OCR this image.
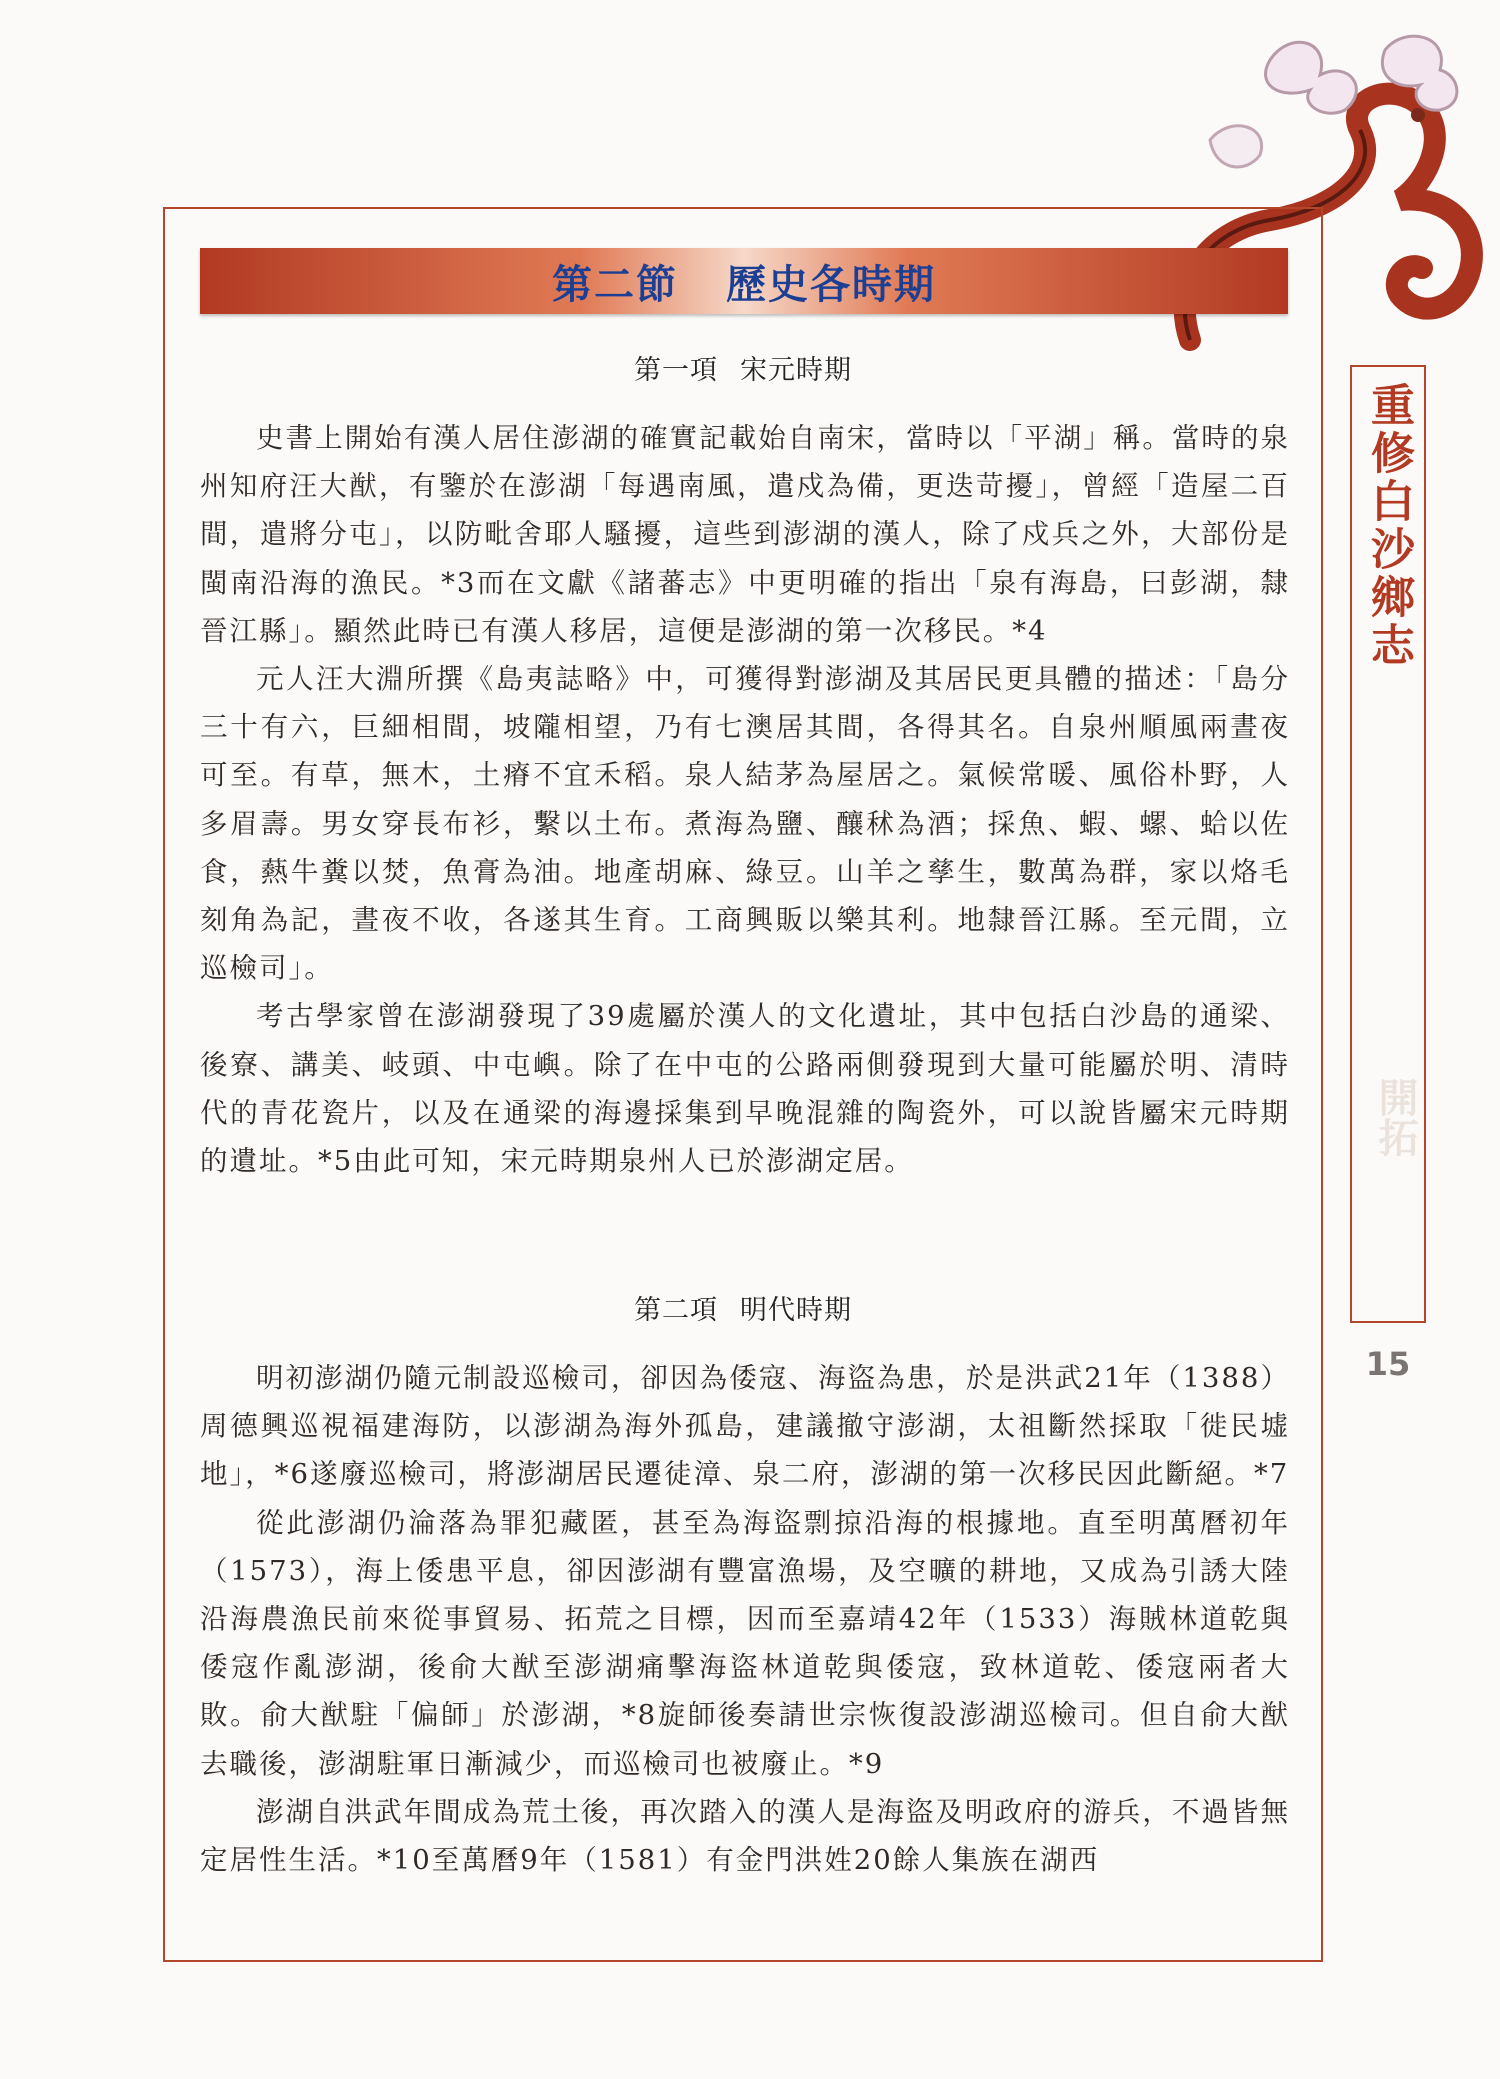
第二節 歷史各時期
第一項 宋元時期

史書上開始有漢人居住澎湖的確實記載始自南宋，當時以「平湖」稱。當時的泉州知府汪大猷，有鑒於在澎湖「每遇南風，遣戍為備，更迭苛擾」，曾經「造屋二百間，遣將分屯」，以防毗舍耶人騷擾，這些到澎湖的漢人，除了戍兵之外，大部份是閩南沿海的漁民。*3而在文獻《諸蕃志》中更明確的指出「泉有海島，曰彭湖，隸晉江縣」。顯然此時已有漢人移居，這便是澎湖的第一次移民。*4

元人汪大淵所撰《島夷誌略》中，可獲得對澎湖及其居民更具體的描述：「島分三十有六，巨細相間，坡隴相望，乃有七澳居其間，各得其名。自泉州順風兩晝夜可至。有草，無木，土瘠不宜禾稻。泉人結茅為屋居之。氣候常暖、風俗朴野，人多眉壽。男女穿長布衫，繫以土布。煮海為鹽、釀秫為酒；採魚、蝦、螺、蛤以佐食，爇牛糞以焚，魚膏為油。地產胡麻、綠豆。山羊之孳生，數萬為群，家以烙毛刻角為記，晝夜不收，各遂其生育。工商興販以樂其利。地隸晉江縣。至元間，立巡檢司」。

考古學家曾在澎湖發現了39處屬於漢人的文化遺址，其中包括白沙島的通梁、後寮、講美、岐頭、中屯嶼。除了在中屯的公路兩側發現到大量可能屬於明、清時代的青花瓷片，以及在通梁的海邊採集到早晚混雜的陶瓷外，可以說皆屬宋元時期的遺址。*5由此可知，宋元時期泉州人已於澎湖定居。

第二項 明代時期

明初澎湖仍隨元制設巡檢司，卻因為倭寇、海盜為患，於是洪武21年（1388）周德興巡視福建海防，以澎湖為海外孤島，建議撤守澎湖，太祖斷然採取「徙民墟地」，*6遂廢巡檢司，將澎湖居民遷徒漳、泉二府，澎湖的第一次移民因此斷絕。*7

從此澎湖仍淪落為罪犯藏匿，甚至為海盜剽掠沿海的根據地。直至明萬曆初年（1573），海上倭患平息，卻因澎湖有豐富漁場，及空曠的耕地，又成為引誘大陸沿海農漁民前來從事貿易、拓荒之目標，因而至嘉靖42年（1533）海賊林道乾與倭寇作亂澎湖，後俞大猷至澎湖痛擊海盜林道乾與倭寇，致林道乾、倭寇兩者大敗。俞大猷駐「偏師」於澎湖，*8旋師後奏請世宗恢復設澎湖巡檢司。但自俞大猷去職後，澎湖駐軍日漸減少，而巡檢司也被廢止。*9

澎湖自洪武年間成為荒土後，再次踏入的漢人是海盜及明政府的游兵，不過皆無定居性生活。*10至萬曆9年（1581）有金門洪姓20餘人集族在湖西

重修白沙鄉志
開拓
15
